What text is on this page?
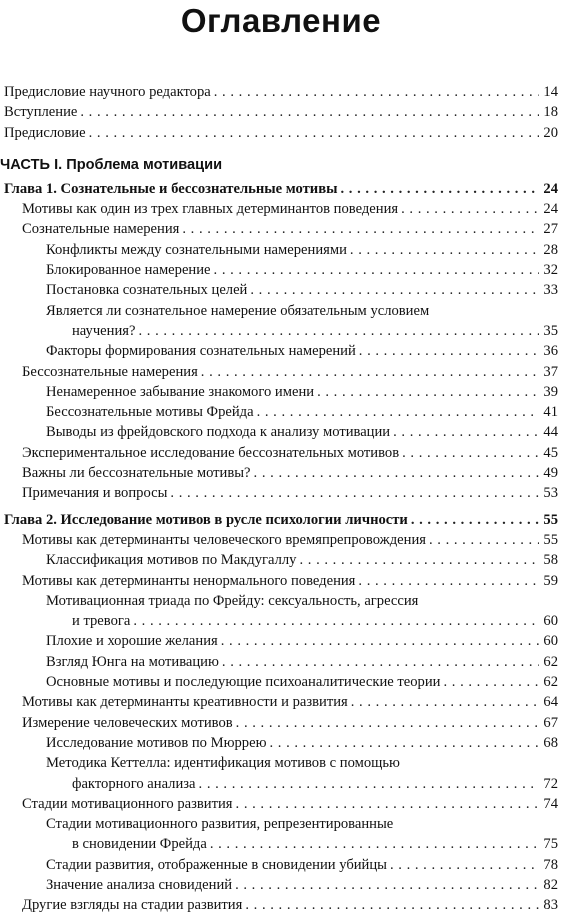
Оглавление
Предисловие научного редактора . . .	14
Вступление . . .	18
Предисловие . . .	20
ЧАСТЬ I. Проблема мотивации
Глава 1. Сознательные и бессознательные мотивы . . .	24
Мотивы как один из трех главных детерминантов поведения . . .	24
Сознательные намерения . . .	27
Конфликты между сознательными намерениями . . .	28
Блокированное намерение . . .	32
Постановка сознательных целей . . .	33
Является ли сознательное намерение обязательным условием
научения? . . .	35
Факторы формирования сознательных намерений . . .	36
Бессознательные намерения . . .	37
Ненамеренное забывание знакомого имени . . .	39
Бессознательные мотивы Фрейда . . .	41
Выводы из фрейдовского подхода к анализу мотивации . . .	44
Экспериментальное исследование бессознательных мотивов . . .	45
Важны ли бессознательные мотивы? . . .	49
Примечания и вопросы . . .	53
Глава 2. Исследование мотивов в русле психологии личности . . .	55
Мотивы как детерминанты человеческого времяпрепровождения . . .	55
Классификация мотивов по Макдугаллу . . .	58
Мотивы как детерминанты ненормального поведения . . .	59
Мотивационная триада по Фрейду: сексуальность, агрессия
и тревога . . .	60
Плохие и хорошие желания . . .	60
Взгляд Юнга на мотивацию . . .	62
Основные мотивы и последующие психоаналитические теории . . .	62
Мотивы как детерминанты креативности и развития . . .	64
Измерение человеческих мотивов . . .	67
Исследование мотивов по Мюррею . . .	68
Методика Кеттелла: идентификация мотивов с помощью
факторного анализа . . .	72
Стадии мотивационного развития . . .	74
Стадии мотивационного развития, репрезентированные
в сновидении Фрейда . . .	75
Стадии развития, отображенные в сновидении убийцы . . .	78
Значение анализа сновидений . . .	82
Другие взгляды на стадии развития . . .	83
